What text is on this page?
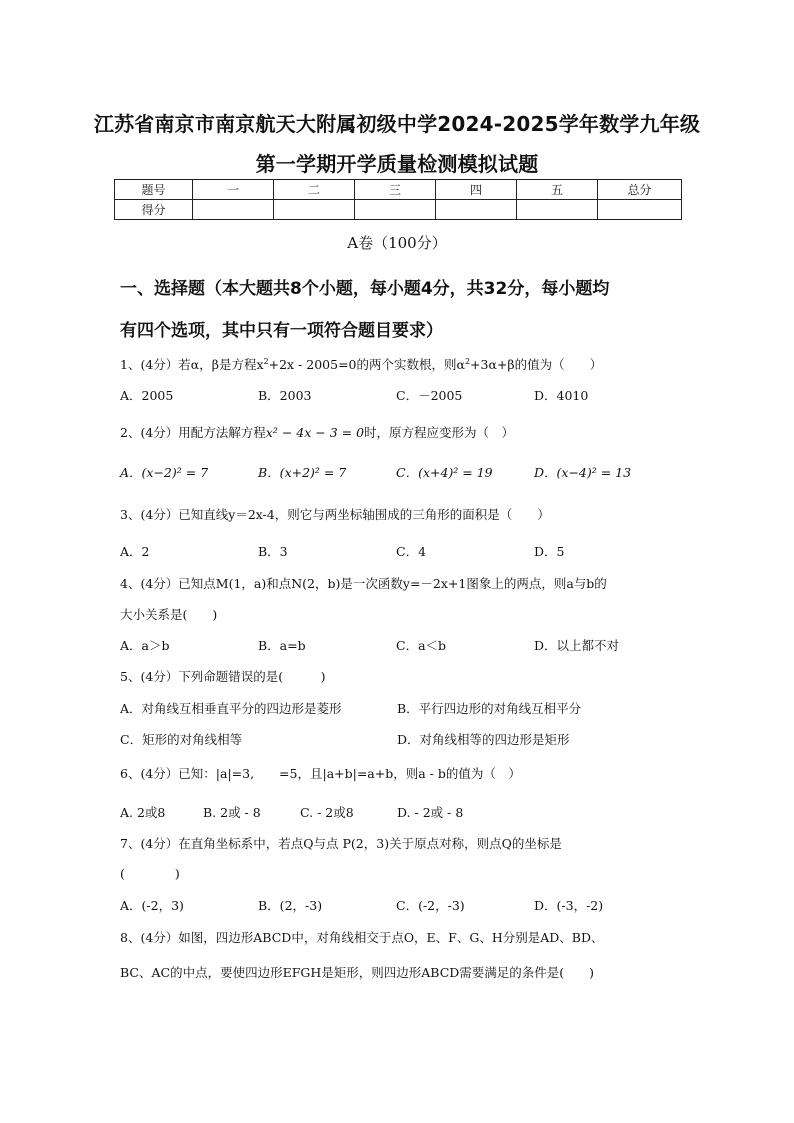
江苏省南京市南京航天大附属初级中学2024-2025学年数学九年级
第一学期开学质量检测模拟试题
题号	一	二	三	四	五	总分
得分						
A卷（100分）
一、选择题（本大题共8个小题，每小题4分，共32分，每小题均
有四个选项，其中只有一项符合题目要求）
1、(4分）若α，β是方程$x^2+2x - 2005=0$的两个实数根，则$\alpha^2+3\alpha+\beta$的值为（　　）
A．2005	B．2003	C．－2005	D．4010
2、(4分）用配方法解方程x² − 4x − 3 = 0时，原方程应变形为（　）
A．(x−2)² = 7	B．(x+2)² = 7	C．(x+4)² = 19	D．(x−4)² = 13
3、(4分）已知直线y＝2x-4，则它与两坐标轴围成的三角形的面积是（　　）
A．2	B．3	C．4	D．5
4、(4分）已知点M(1，a)和点N(2，b)是一次函数y=－2x+1图象上的两点，则a与b的
大小关系是(　　)
A．a＞b	B．a=b	C．a＜b	D．以上都不对
5、(4分）下列命题错误的是(　　　)
A．对角线互相垂直平分的四边形是菱形	B．平行四边形的对角线互相平分
C．矩形的对角线相等	D．对角线相等的四边形是矩形
6、(4分）已知：|a|=3,　　=5，且|a+b|=a+b，则a - b的值为（　）
A. 2或8	B. 2或 - 8	C. - 2或8	D. - 2或 - 8
7、(4分）在直角坐标系中，若点Q与点 P(2，3)关于原点对称，则点Q的坐标是
(　　　　)
A．(-2，3)	B．(2，-3)	C．(-2，-3)	D．(-3，-2)
8、(4分）如图，四边形ABCD中，对角线相交于点O，E、F、G、H分别是AD、BD、
BC、AC的中点，要使四边形EFGH是矩形，则四边形ABCD需要满足的条件是(　　)
